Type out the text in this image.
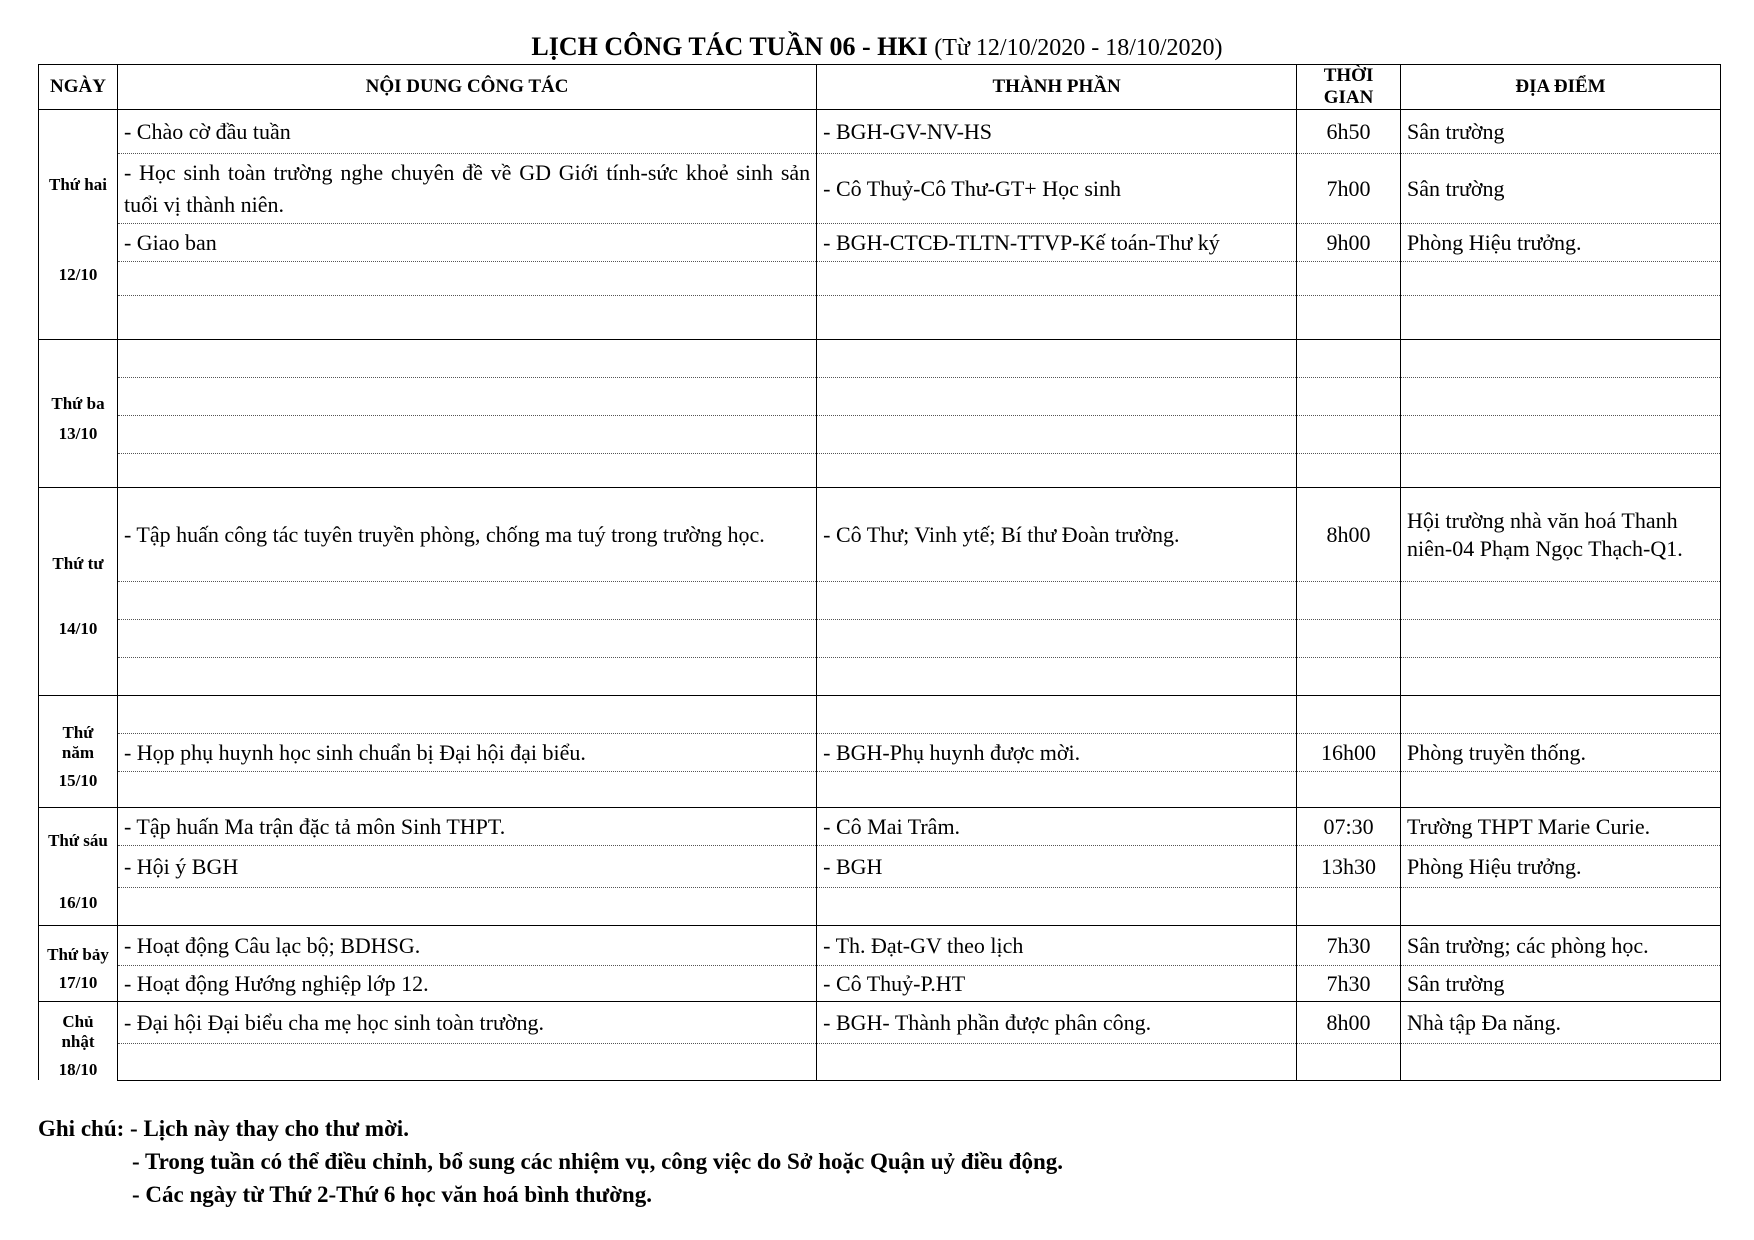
LỊCH CÔNG TÁC TUẦN 06 - HKI (Từ 12/10/2020 - 18/10/2020)
NGÀY	NỘI DUNG CÔNG TÁC	THÀNH PHẦN	THỜI GIAN	ĐỊA ĐIỂM

Thứ hai
12/10	- Chào cờ đầu tuần	- BGH-GV-NV-HS	6h50	Sân trường
	- Học sinh toàn trường nghe chuyên đề về GD Giới tính-sức khoẻ sinh sản tuổi vị thành niên.	- Cô Thuỷ-Cô Thư-GT+ Học sinh	7h00	Sân trường
	- Giao ban	- BGH-CTCĐ-TLTN-TTVP-Kế toán-Thư ký	9h00	Phòng Hiệu trưởng.

Thứ ba
13/10				

Thứ tư
14/10	- Tập huấn công tác tuyên truyền phòng, chống ma tuý trong trường học.	- Cô Thư; Vinh ytế; Bí thư Đoàn trường.	8h00	Hội trường nhà văn hoá Thanh niên-04 Phạm Ngọc Thạch-Q1.

Thứ năm
15/10				

	- Họp phụ huynh học sinh chuẩn bị Đại hội đại biểu.	- BGH-Phụ huynh được mời.	16h00	Phòng truyền thống.

Thứ sáu
16/10	- Tập huấn Ma trận đặc tả môn Sinh THPT.	- Cô Mai Trâm.	07:30	Trường THPT Marie Curie.
	- Hội ý BGH	- BGH	13h30	Phòng Hiệu trưởng.

Thứ bảy
17/10	- Hoạt động Câu lạc bộ; BDHSG.	- Th. Đạt-GV theo lịch	7h30	Sân trường; các phòng học.
	- Hoạt động Hướng nghiệp lớp 12.	- Cô Thuỷ-P.HT	7h30	Sân trường

Chủ nhật
18/10	- Đại hội Đại biểu cha mẹ học sinh toàn trường.	- BGH- Thành phần được phân công.	8h00	Nhà tập Đa năng.

Ghi chú: - Lịch này thay cho thư mời.
- Trong tuần có thể điều chỉnh, bổ sung các nhiệm vụ, công việc do Sở hoặc Quận uỷ điều động.
- Các ngày từ Thứ 2-Thứ 6 học văn hoá bình thường.
